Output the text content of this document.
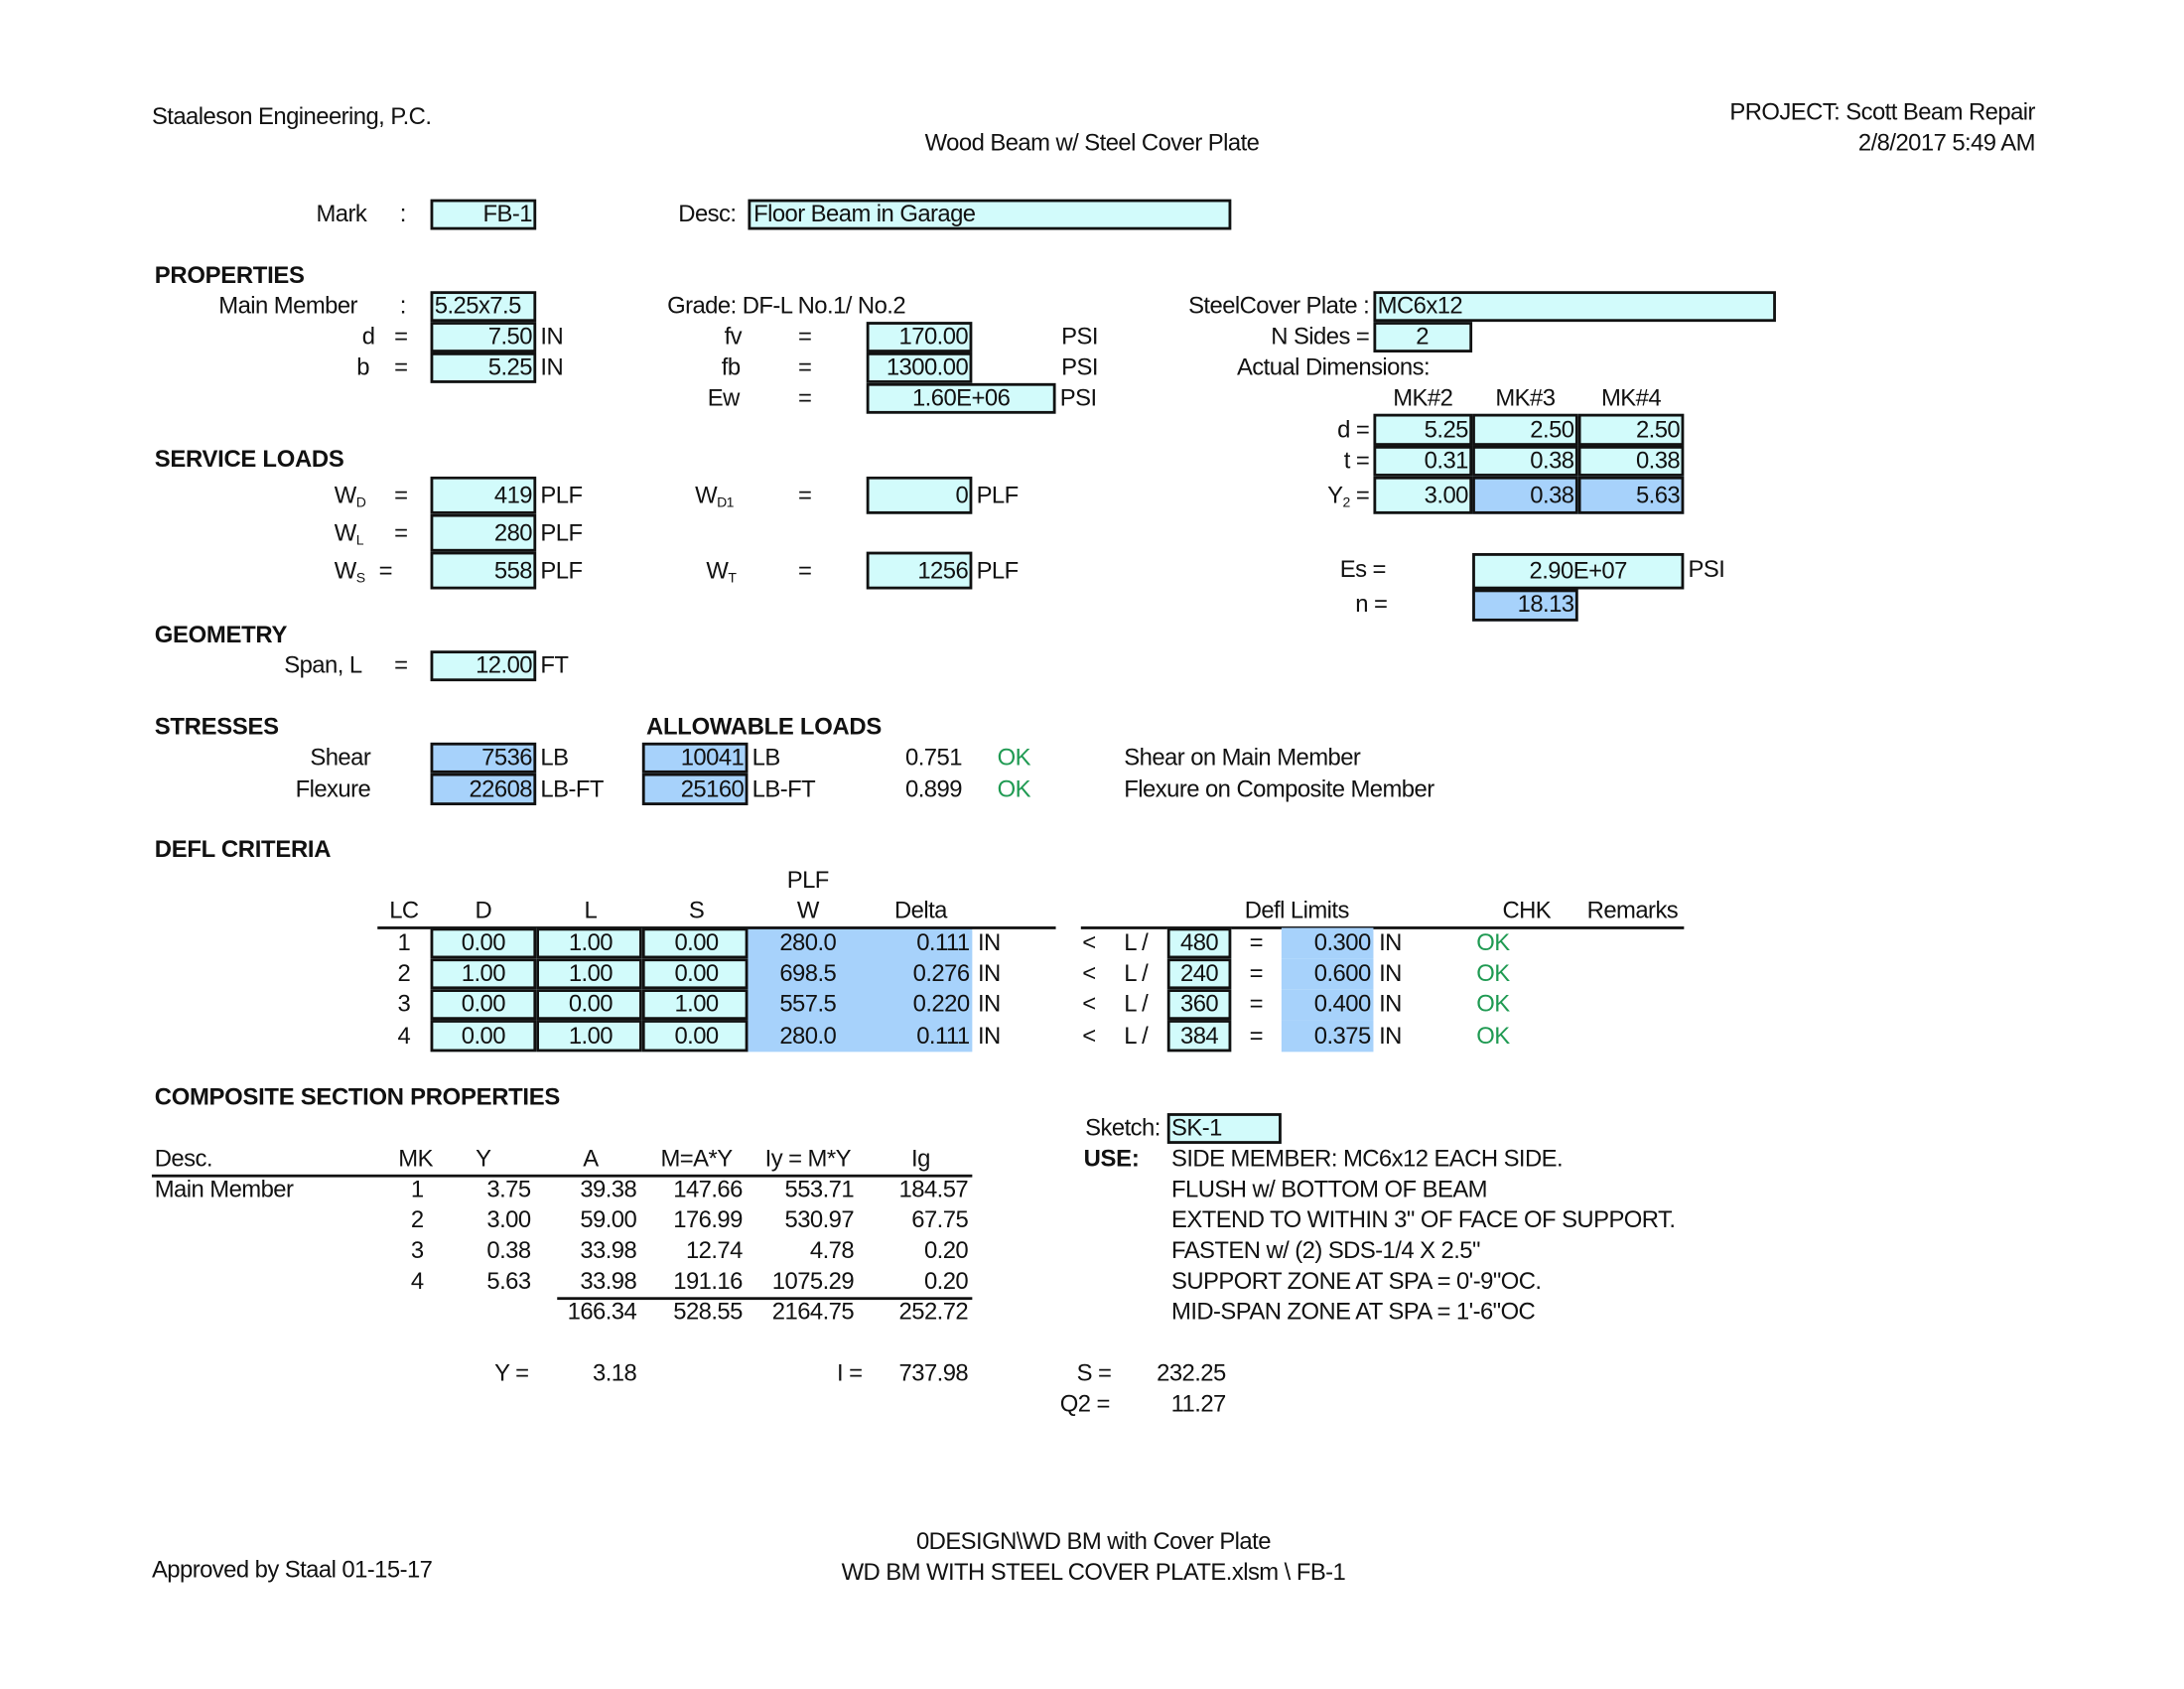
Staaleson Engineering, P.C.
Wood Beam w/ Steel Cover Plate
PROJECT: Scott Beam Repair
2/8/2017 5:49 AM
Mark	:	FB-1	Desc:	Floor Beam in Garage
PROPERTIES
Main Member	:	5.25x7.5
d	=	7.50 IN
b	=	5.25 IN
Grade: DF-L No.1/ No.2
fv	=	170.00	PSI
fb	=	1300.00	PSI
Ew	=	1.60E+06	PSI
SteelCover Plate : MC6x12
N Sides =	2
Actual Dimensions:
MK#2	MK#3	MK#4
d =	5.25	2.50	2.50
t =	0.31	0.38	0.38
$Y_2$ =	3.00	0.38	5.63
Es =	2.90E+07	PSI
n =	18.13
SERVICE LOADS
$W_D$	=	419 PLF
$W_L$	=	280 PLF
$W_S$ =	558 PLF
$W_{D1}$	=	0 PLF
$W_T$	=	1256 PLF
GEOMETRY
Span, L	=	12.00 FT
STRESSES	ALLOWABLE LOADS
Shear	7536 LB	10041 LB	0.751	OK	Shear on Main Member
Flexure	22608 LB-FT	25160 LB-FT	0.899	OK	Flexure on Composite Member
DEFL CRITERIA
PLF
LC	D	L	S	W	Delta	Defl Limits	CHK	Remarks
1	0.00	1.00	0.00	280.0	0.111 IN	<	L /	480	=	0.300 IN	OK
2	1.00	1.00	0.00	698.5	0.276 IN	<	L /	240	=	0.600 IN	OK
3	0.00	0.00	1.00	557.5	0.220 IN	<	L /	360	=	0.400 IN	OK
4	0.00	1.00	0.00	280.0	0.111 IN	<	L /	384	=	0.375 IN	OK
COMPOSITE SECTION PROPERTIES
Desc.	MK	Y	A	M=A*Y	Iy = M*Y	Ig
Main Member	1	3.75	39.38	147.66	553.71	184.57
2	3.00	59.00	176.99	530.97	67.75
3	0.38	33.98	12.74	4.78	0.20
4	5.63	33.98	191.16	1075.29	0.20
166.34	528.55	2164.75	252.72
Y =	3.18	I =	737.98	S =	232.25
Q2 =	11.27
Sketch: SK-1
USE:	SIDE MEMBER: MC6x12 EACH SIDE.
FLUSH w/ BOTTOM OF BEAM
EXTEND TO WITHIN 3" OF FACE OF SUPPORT.
FASTEN w/ (2) SDS-1/4 X 2.5"
SUPPORT ZONE AT SPA = 0'-9"OC.
MID-SPAN ZONE AT SPA = 1'-6"OC
Approved by Staal 01-15-17
0DESIGN\WD BM with Cover Plate
WD BM WITH STEEL COVER PLATE.xlsm \ FB-1
